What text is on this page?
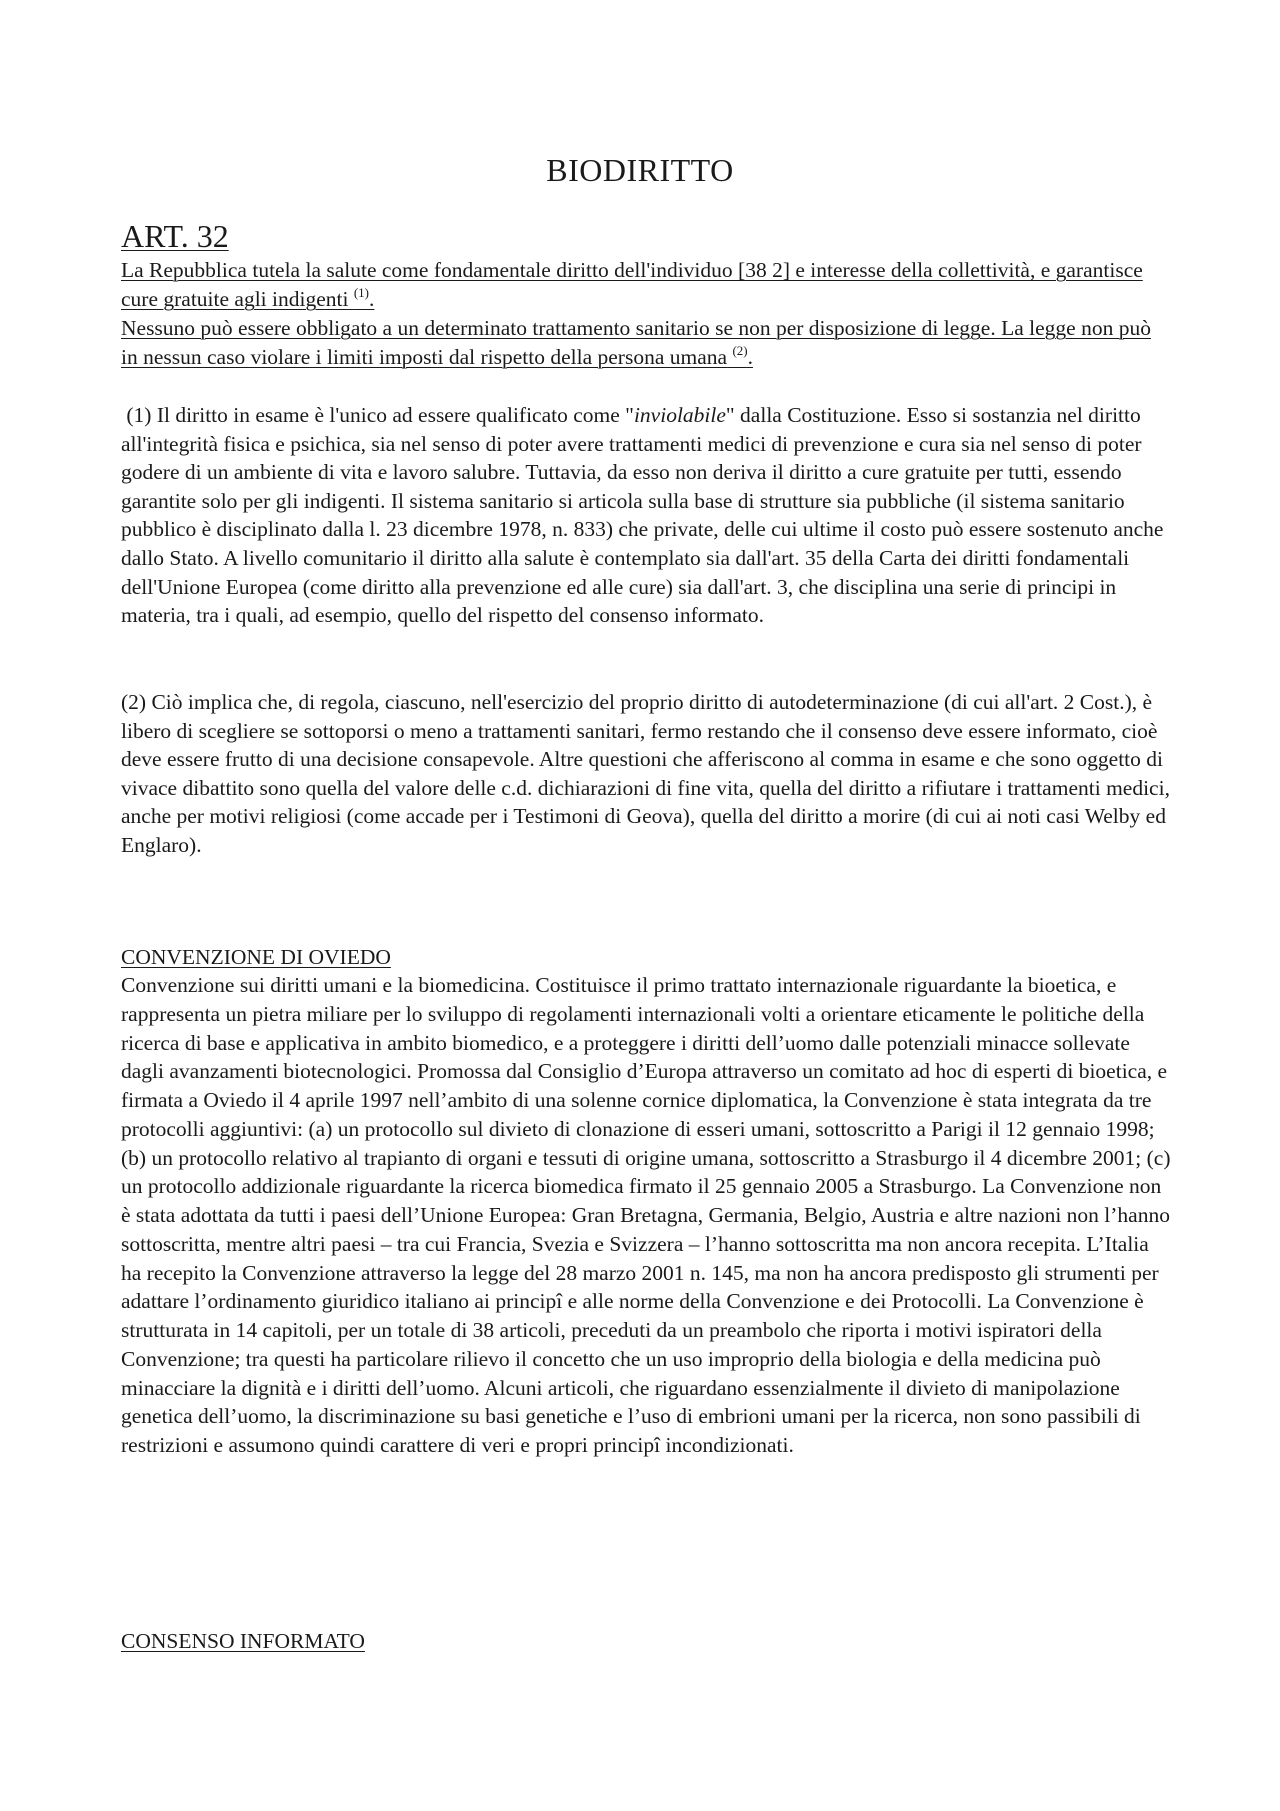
BIODIRITTO
ART. 32
La Repubblica tutela la salute come fondamentale diritto dell'individuo [38 2] e interesse della collettività, e garantisce cure gratuite agli indigenti $^{(1)}$.
Nessuno può essere obbligato a un determinato trattamento sanitario se non per disposizione di legge. La legge non può in nessun caso violare i limiti imposti dal rispetto della persona umana $^{(2)}$.

(1) Il diritto in esame è l'unico ad essere qualificato come "inviolabile" dalla Costituzione. Esso si sostanzia nel diritto all'integrità fisica e psichica, sia nel senso di poter avere trattamenti medici di prevenzione e cura sia nel senso di poter godere di un ambiente di vita e lavoro salubre. Tuttavia, da esso non deriva il diritto a cure gratuite per tutti, essendo garantite solo per gli indigenti. Il sistema sanitario si articola sulla base di strutture sia pubbliche (il sistema sanitario pubblico è disciplinato dalla l. 23 dicembre 1978, n. 833) che private, delle cui ultime il costo può essere sostenuto anche dallo Stato. A livello comunitario il diritto alla salute è contemplato sia dall'art. 35 della Carta dei diritti fondamentali dell'Unione Europea (come diritto alla prevenzione ed alle cure) sia dall'art. 3, che disciplina una serie di principi in materia, tra i quali, ad esempio, quello del rispetto del consenso informato.

(2) Ciò implica che, di regola, ciascuno, nell'esercizio del proprio diritto di autodeterminazione (di cui all'art. 2 Cost.), è libero di scegliere se sottoporsi o meno a trattamenti sanitari, fermo restando che il consenso deve essere informato, cioè deve essere frutto di una decisione consapevole. Altre questioni che afferiscono al comma in esame e che sono oggetto di vivace dibattito sono quella del valore delle c.d. dichiarazioni di fine vita, quella del diritto a rifiutare i trattamenti medici, anche per motivi religiosi (come accade per i Testimoni di Geova), quella del diritto a morire (di cui ai noti casi Welby ed Englaro).

CONVENZIONE DI OVIEDO

Convenzione sui diritti umani e la biomedicina. Costituisce il primo trattato internazionale riguardante la bioetica, e rappresenta un pietra miliare per lo sviluppo di regolamenti internazionali volti a orientare eticamente le politiche della ricerca di base e applicativa in ambito biomedico, e a proteggere i diritti dell’uomo dalle potenziali minacce sollevate dagli avanzamenti biotecnologici. Promossa dal Consiglio d’Europa attraverso un comitato ad hoc di esperti di bioetica, e firmata a Oviedo il 4 aprile 1997 nell’ambito di una solenne cornice diplomatica, la Convenzione è stata integrata da tre protocolli aggiuntivi: (a) un protocollo sul divieto di clonazione di esseri umani, sottoscritto a Parigi il 12 gennaio 1998; (b) un protocollo relativo al trapianto di organi e tessuti di origine umana, sottoscritto a Strasburgo il 4 dicembre 2001; (c) un protocollo addizionale riguardante la ricerca biomedica firmato il 25 gennaio 2005 a Strasburgo. La Convenzione non è stata adottata da tutti i paesi dell’Unione Europea: Gran Bretagna, Germania, Belgio, Austria e altre nazioni non l’hanno sottoscritta, mentre altri paesi – tra cui Francia, Svezia e Svizzera – l’hanno sottoscritta ma non ancora recepita. L’Italia ha recepito la Convenzione attraverso la legge del 28 marzo 2001 n. 145, ma non ha ancora predisposto gli strumenti per adattare l’ordinamento giuridico italiano ai principî e alle norme della Convenzione e dei Protocolli. La Convenzione è strutturata in 14 capitoli, per un totale di 38 articoli, preceduti da un preambolo che riporta i motivi ispiratori della Convenzione; tra questi ha particolare rilievo il concetto che un uso improprio della biologia e della medicina può minacciare la dignità e i diritti dell’uomo. Alcuni articoli, che riguardano essenzialmente il divieto di manipolazione genetica dell’uomo, la discriminazione su basi genetiche e l’uso di embrioni umani per la ricerca, non sono passibili di restrizioni e assumono quindi carattere di veri e propri principî incondizionati.

CONSENSO INFORMATO
